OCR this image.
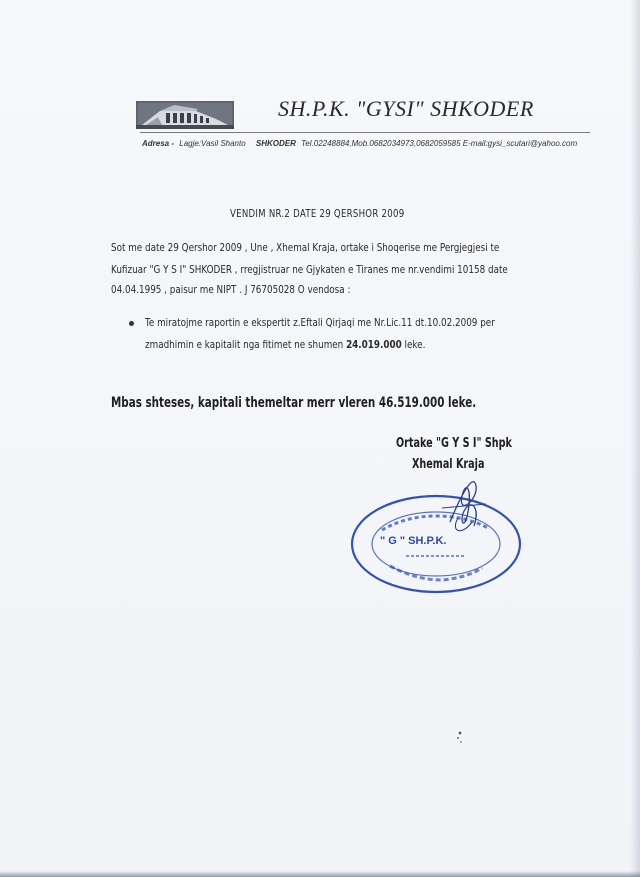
SH.P.K. "GYSI" SHKODER
Adresa - Lagje:Vasil Shanto SHKODER Tel.02248884,Mob.0682034973,0682059585 E-mail:gysi_scutari@yahoo.com
VENDIM NR.2 DATE 29 QERSHOR 2009
Sot me date 29 Qershor 2009 , Une , Xhemal Kraja, ortake i Shoqerise me Pergjegjesi te
Kufizuar "G Y S I" SHKODER , rregjistruar ne Gjykaten e Tiranes me nr.vendimi 10158 date
04.04.1995 , paisur me NIPT . J 76705028 O vendosa :
Te miratojme raportin e ekspertit z.Eftali Qirjaqi me Nr.Lic.11 dt.10.02.2009 per
zmadhimin e kapitalit nga fitimet ne shumen 24.019.000 leke.
Mbas shteses, kapitali themeltar merr vleren 46.519.000 leke.
Ortake "G Y S I" Shpk
Xhemal Kraja
" G " SH.P.K.
